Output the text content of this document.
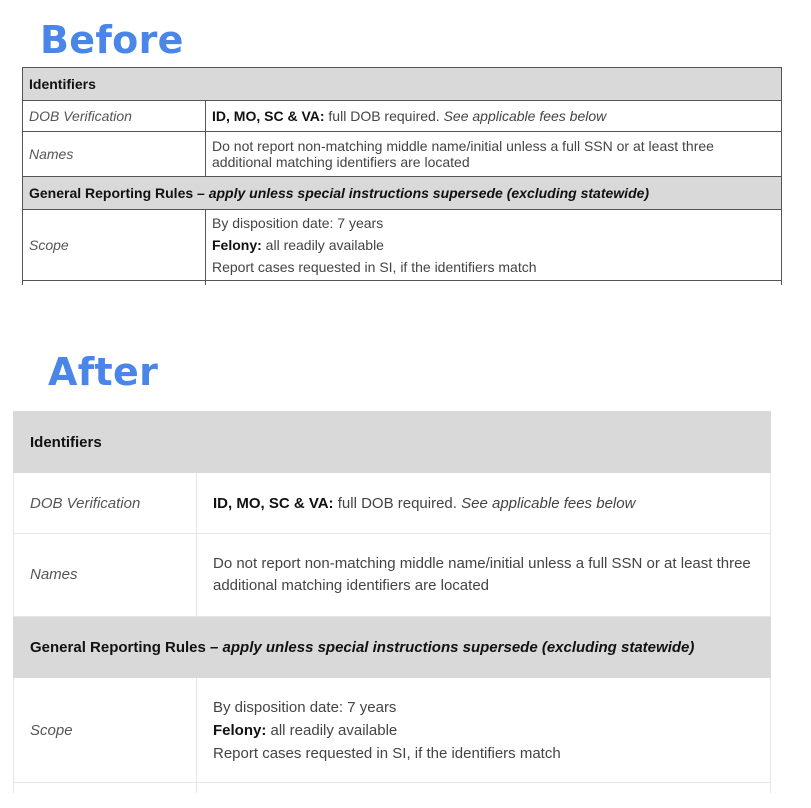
Before
Identifiers	
DOB Verification	ID, MO, SC & VA: full DOB required. See applicable fees below
Names	Do not report non-matching middle name/initial unless a full SSN or at least three additional matching identifiers are located
General Reporting Rules – apply unless special instructions supersede (excluding statewide)	
Scope	By disposition date: 7 years
Felony: all readily available
Report cases requested in SI, if the identifiers match

After
Identifiers	
DOB Verification	ID, MO, SC & VA: full DOB required. See applicable fees below
Names	Do not report non-matching middle name/initial unless a full SSN or at least three additional matching identifiers are located
General Reporting Rules – apply unless special instructions supersede (excluding statewide)	
Scope	By disposition date: 7 years
Felony: all readily available
Report cases requested in SI, if the identifiers match
